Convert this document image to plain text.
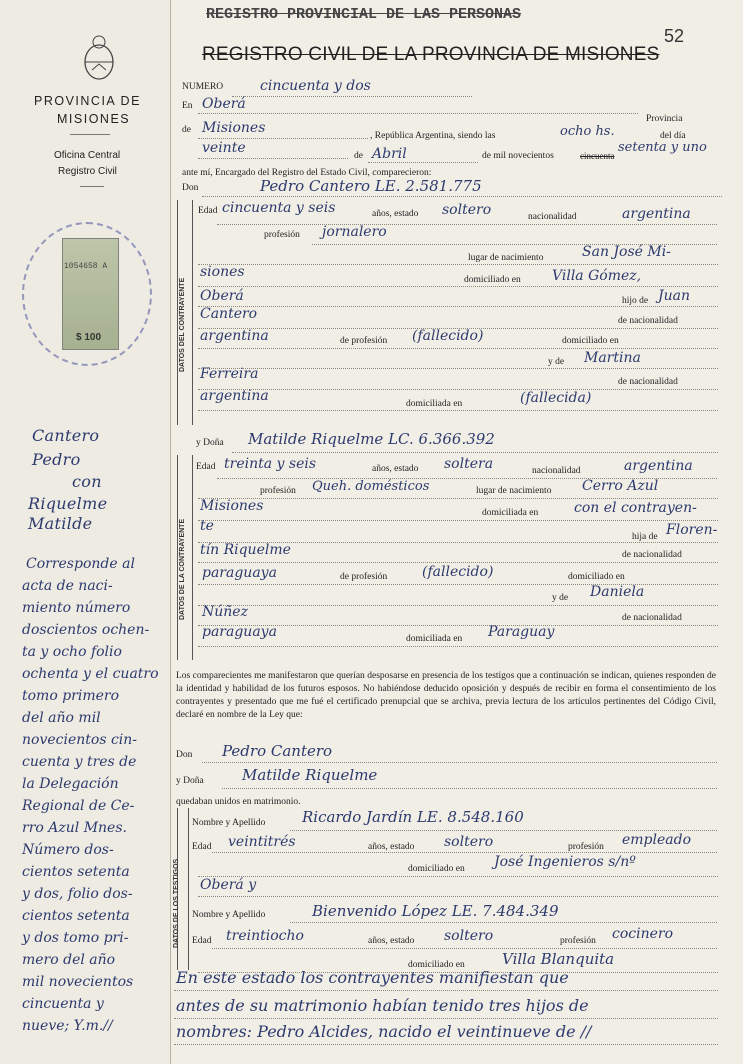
PROVINCIA DE
MISIONES
Oficina Central
Registro Civil
1054658 A
$ 100
Cantero
Pedro
con
Riquelme
Matilde
Corresponde al
acta de naci-
miento número
doscientos ochen-
ta y ocho folio
ochenta y el cuatro
tomo primero
del año mil
novecientos cin-
cuenta y tres de
la Delegación
Regional de Ce-
rro Azul Mnes.
Número dos-
cientos setenta
y dos, folio dos-
cientos setenta
y dos tomo pri-
mero del año
mil novecientos
cincuenta y
nueve; Y.m.//
REGISTRO PROVINCIAL DE LAS PERSONAS
52
REGISTRO CIVIL DE LA PROVINCIA DE MISIONES
NUMERO	cincuenta y dos
En Oberá
Provincia
de Misiones	, República Argentina, siendo las	ocho hs.	del día
veinte	de Abril	de mil novecientos	cincuenta
setenta y uno
ante mí, Encargado del Registro del Estado Civil, comparecieron:
Don	Pedro Cantero LE. 2.581.775
DATOS DEL CONTRAYENTE
Edad cincuenta y seis	años, estado soltero	nacionalidad	argentina
profesión jornalero
lugar de nacimiento	San José Mi-
siones	domiciliado en Villa Gómez,
Oberá	hijo de Juan
Cantero	de nacionalidad
argentina	de profesión (fallecido)	domiciliado en
y de Martina
Ferreira	de nacionalidad
argentina	domiciliada en	(fallecida)
y Doña Matilde Riquelme LC. 6.366.392
DATOS DE LA CONTRAYENTE
Edad treinta y seis	años, estado soltera	nacionalidad	argentina
profesión Queh. domésticos	lugar de nacimiento Cerro Azul
Misiones	domiciliada en	con el contrayen-
te
hija de Floren-
tín Riquelme	de nacionalidad
paraguaya	de profesión (fallecido)	domiciliado en
y de Daniela
Núñez	de nacionalidad
paraguaya	domiciliada en Paraguay
Los comparecientes me manifestaron que querían desposarse en presencia de los testigos que a continuación se indican, quienes responden de la identidad y habilidad de los futuros esposos. No habiéndose deducido oposición y después de recibir en forma el consentimiento de los contrayentes y presentado que me fué el certificado prenupcial que se archiva, previa lectura de los artículos pertinentes del Código Civil, declaré en nombre de la Ley que:
Don Pedro Cantero
y Doña	Matilde Riquelme
quedaban unidos en matrimonio.
DATOS DE LOS TESTIGOS
Nombre y Apellido Ricardo Jardín LE. 8.548.160
Edad veintitrés	años, estado soltero	profesión empleado
domiciliado en José Ingenieros s/nº
Oberá y
Nombre y Apellido	Bienvenido López LE. 7.484.349
Edad treintiocho	años, estado soltero	profesión cocinero
domiciliado en Villa Blanquita
En este estado los contrayentes manifiestan que
antes de su matrimonio habían tenido tres hijos de
nombres: Pedro Alcides, nacido el veintinueve de //
